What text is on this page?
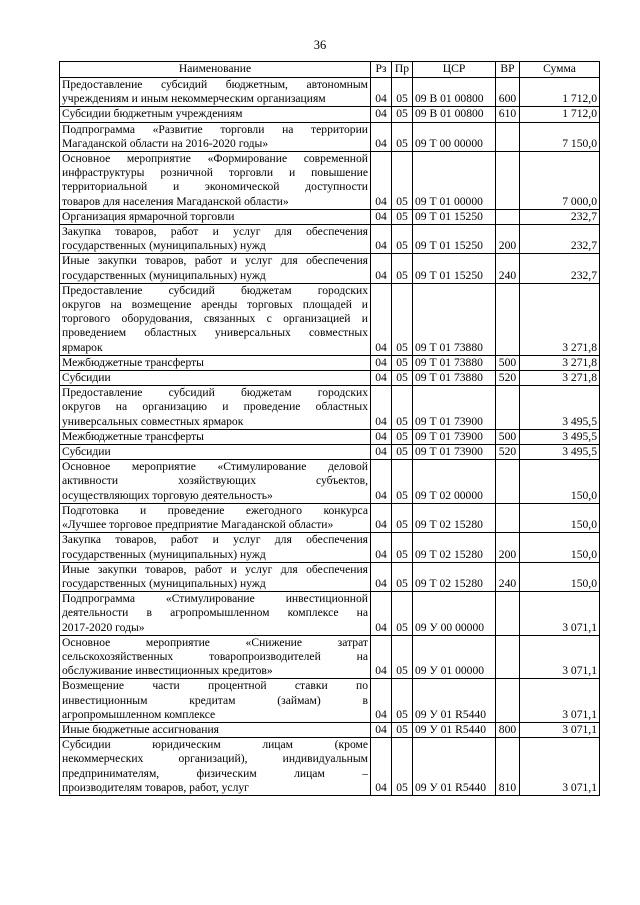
36
Наименование	Рз	Пр	ЦСР	ВР	Сумма

Предоставление субсидий бюджетным, автономным
учреждениям и иным некоммерческим организациям	04	05	09 В 01 00800	600	1 712,0

Субсидии бюджетным учреждениям	04	05	09 В 01 00800	610	1 712,0

Подпрограмма «Развитие торговли на территории
Магаданской области на 2016-2020 годы»	04	05	09 Т 00 00000		7 150,0

Основное мероприятие «Формирование современной
инфраструктуры розничной торговли и повышение
территориальной и экономической доступности
товаров для населения Магаданской области»	04	05	09 Т 01 00000		7 000,0

Организация ярмарочной торговли	04	05	09 Т 01 15250		232,7

Закупка товаров, работ и услуг для обеспечения
государственных (муниципальных) нужд	04	05	09 Т 01 15250	200	232,7

Иные закупки товаров, работ и услуг для обеспечения
государственных (муниципальных) нужд	04	05	09 Т 01 15250	240	232,7

Предоставление субсидий бюджетам городских
округов на возмещение аренды торговых площадей и
торгового оборудования, связанных с организацией и
проведением областных универсальных совместных
ярмарок	04	05	09 Т 01 73880		3 271,8

Межбюджетные трансферты	04	05	09 Т 01 73880	500	3 271,8

Субсидии	04	05	09 Т 01 73880	520	3 271,8

Предоставление субсидий бюджетам городских
округов на организацию и проведение областных
универсальных совместных ярмарок	04	05	09 Т 01 73900		3 495,5

Межбюджетные трансферты	04	05	09 Т 01 73900	500	3 495,5

Субсидии	04	05	09 Т 01 73900	520	3 495,5

Основное мероприятие «Стимулирование деловой
активности хозяйствующих субъектов,
осуществляющих торговую деятельность»	04	05	09 Т 02 00000		150,0

Подготовка и проведение ежегодного конкурса
«Лучшее торговое предприятие Магаданской области»	04	05	09 Т 02 15280		150,0

Закупка товаров, работ и услуг для обеспечения
государственных (муниципальных) нужд	04	05	09 Т 02 15280	200	150,0

Иные закупки товаров, работ и услуг для обеспечения
государственных (муниципальных) нужд	04	05	09 Т 02 15280	240	150,0

Подпрограмма «Стимулирование инвестиционной
деятельности в агропромышленном комплексе на
2017-2020 годы»	04	05	09 У 00 00000		3 071,1

Основное мероприятие «Снижение затрат
сельскохозяйственных товаропроизводителей на
обслуживание инвестиционных кредитов»	04	05	09 У 01 00000		3 071,1

Возмещение части процентной ставки по
инвестиционным кредитам (займам) в
агропромышленном комплексе	04	05	09 У 01 R5440		3 071,1

Иные бюджетные ассигнования	04	05	09 У 01 R5440	800	3 071,1

Субсидии юридическим лицам (кроме
некоммерческих организаций), индивидуальным
предпринимателям, физическим лицам –
производителям товаров, работ, услуг	04	05	09 У 01 R5440	810	3 071,1
